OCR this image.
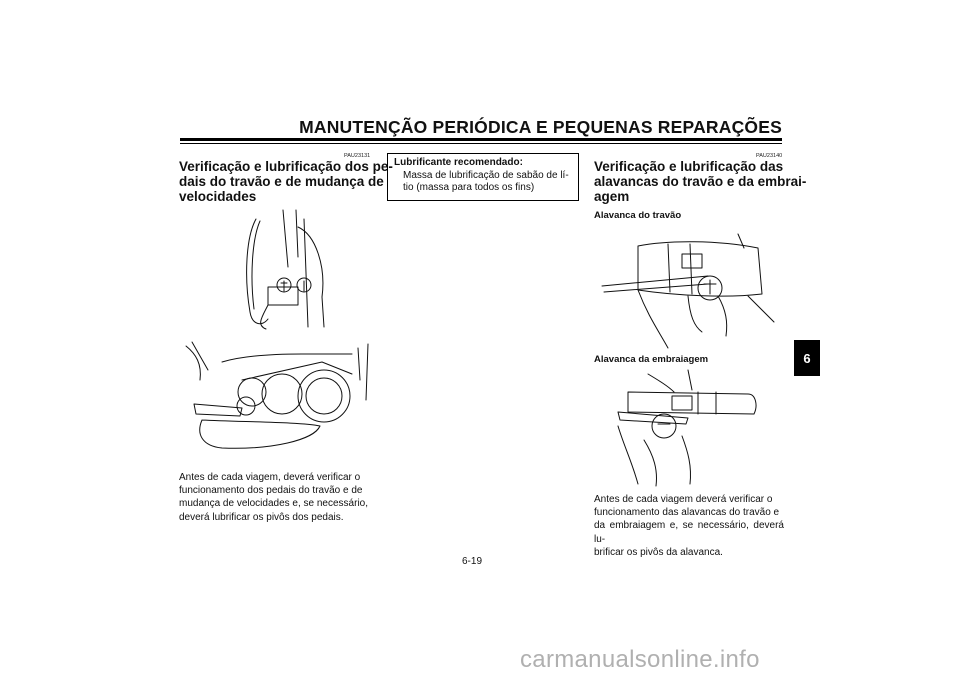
MANUTENÇÃO PERIÓDICA E PEQUENAS REPARAÇÕES
6
PAU23131
Verificação e lubrificação dos pe-
dais do travão e de mudança de
velocidades
Antes de cada viagem, deverá verificar o
funcionamento dos pedais do travão e de
mudança de velocidades e, se necessário,
deverá lubrificar os pivôs dos pedais.
Lubrificante recomendado:
Massa de lubrificação de sabão de lí-
tio (massa para todos os fins)
PAU23140
Verificação e lubrificação das
alavancas do travão e da embrai-
agem
Alavanca do travão
Alavanca da embraiagem
Antes de cada viagem deverá verificar o
funcionamento das alavancas do travão e
da embraiagem e, se necessário, deverá lu-
brificar os pivôs da alavanca.
6-19
carmanualsonline.info
